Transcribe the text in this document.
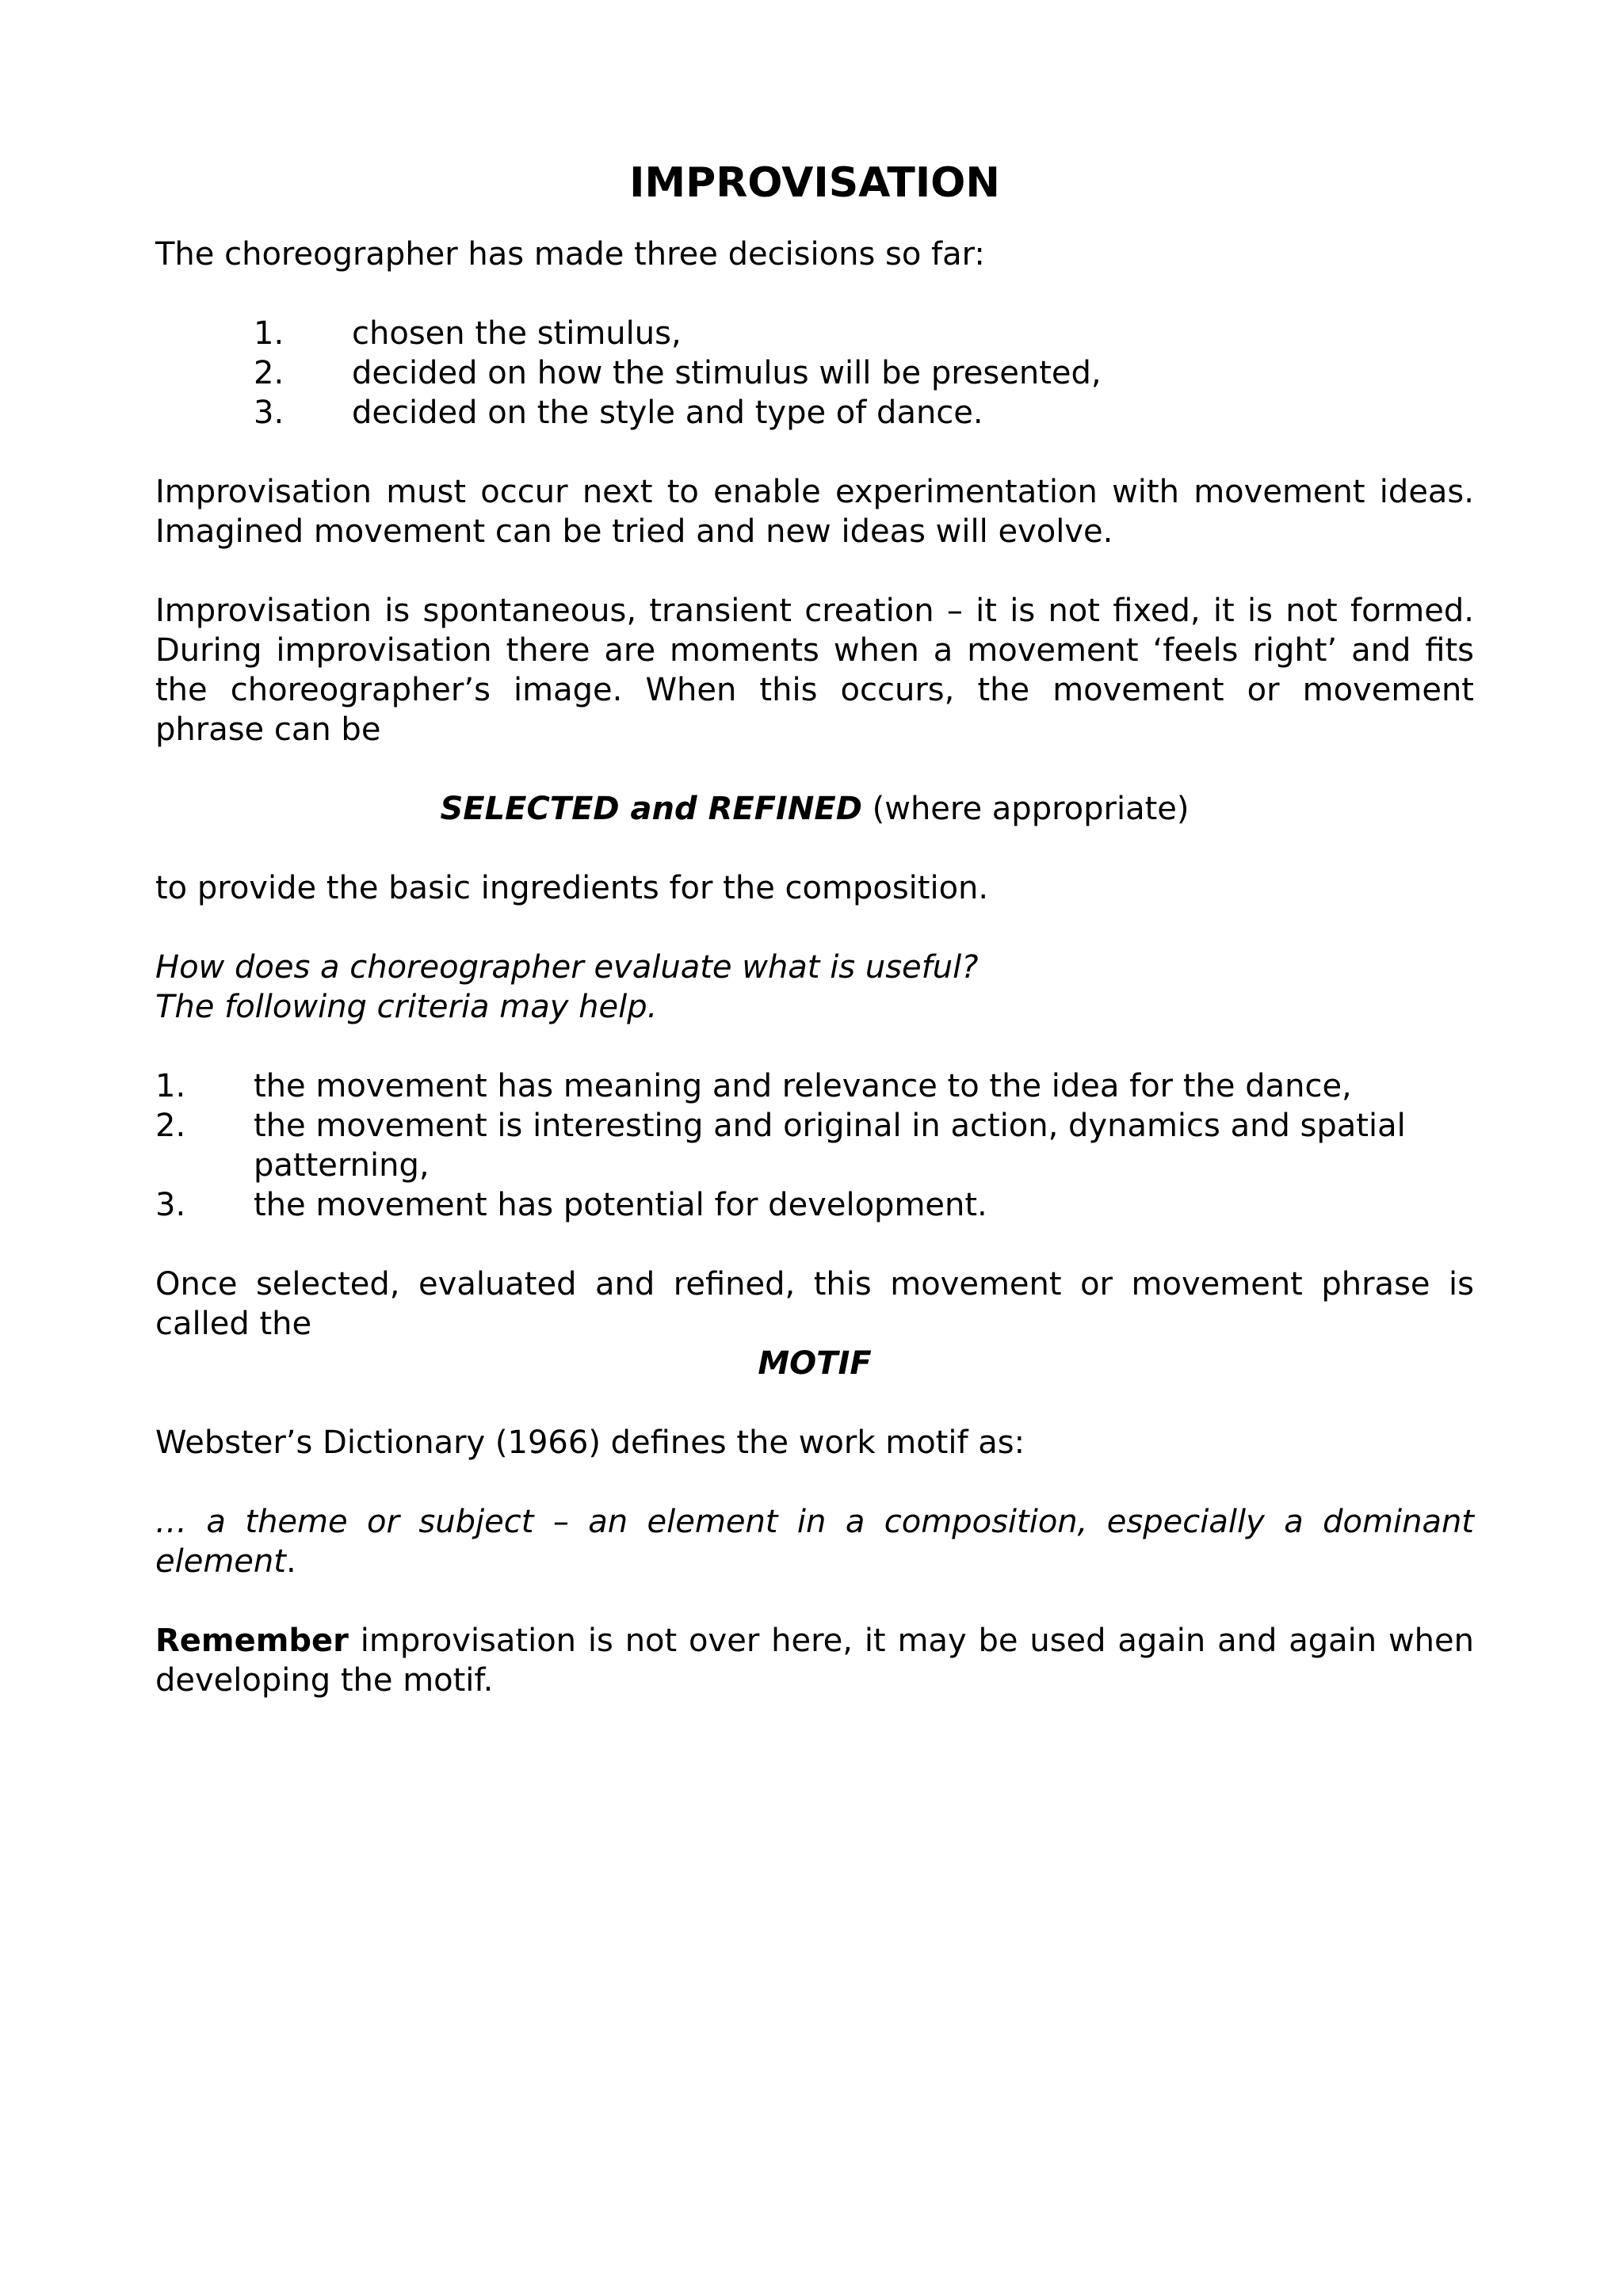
IMPROVISATION

The choreographer has made three decisions so far:

1.	chosen the stimulus,
2.	decided on how the stimulus will be presented,
3.	decided on the style and type of dance.

Improvisation must occur next to enable experimentation with movement ideas. Imagined movement can be tried and new ideas will evolve.

Improvisation is spontaneous, transient creation – it is not fixed, it is not formed. During improvisation there are moments when a movement ‘feels right’ and fits the choreographer’s image. When this occurs, the movement or movement phrase can be

SELECTED and REFINED (where appropriate)

to provide the basic ingredients for the composition.

How does a choreographer evaluate what is useful?

The following criteria may help.

1.	the movement has meaning and relevance to the idea for the dance,
2.	the movement is interesting and original in action, dynamics and spatial patterning,
3.	the movement has potential for development.

Once selected, evaluated and refined, this movement or movement phrase is called the

MOTIF

Webster’s Dictionary (1966) defines the work motif as:

… a theme or subject – an element in a composition, especially a dominant element.

Remember improvisation is not over here, it may be used again and again when developing the motif.
